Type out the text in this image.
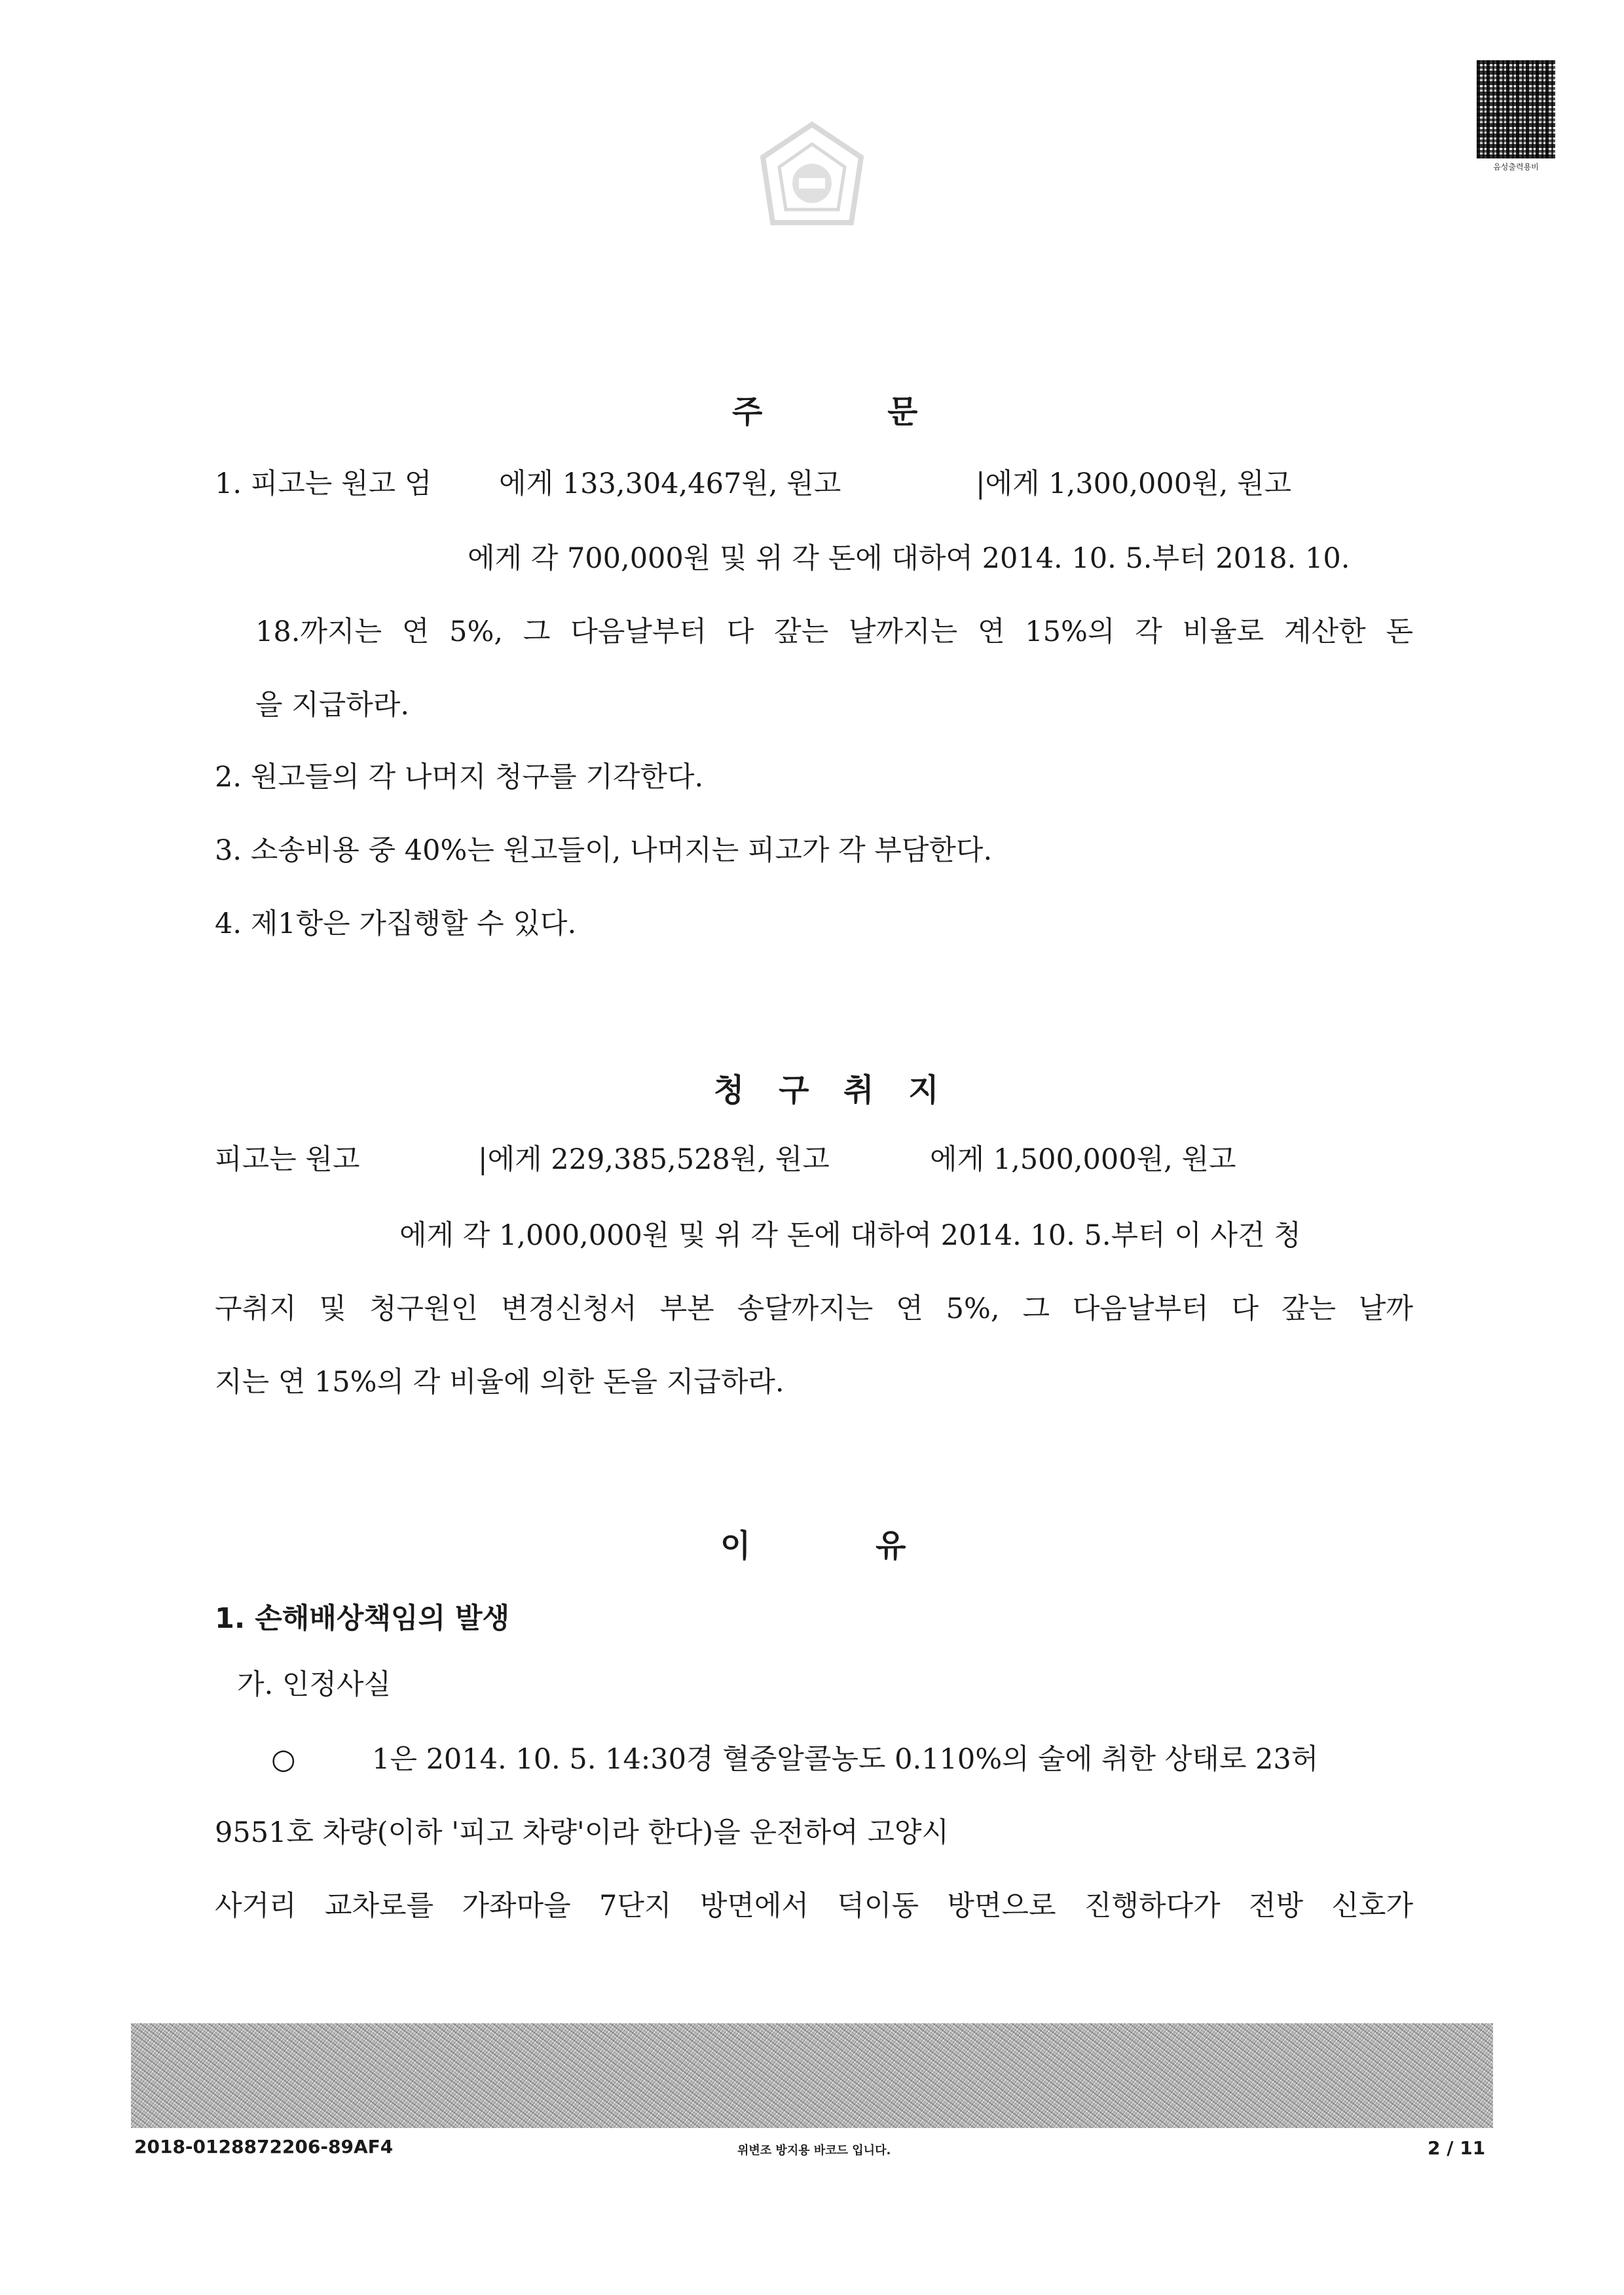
음성출력용비
주 문
1. 피고는 원고 엄 에게 133,304,467원, 원고	|에게 1,300,000원, 원고
에게 각 700,000원 및 위 각 돈에 대하여 2014. 10. 5.부터 2018. 10.
18.까지는 연 5%, 그 다음날부터 다 갚는 날까지는 연 15%의 각 비율로 계산한 돈
을 지급하라.
2. 원고들의 각 나머지 청구를 기각한다.
3. 소송비용 중 40%는 원고들이, 나머지는 피고가 각 부담한다.
4. 제1항은 가집행할 수 있다.
청 구 취 지
피고는 원고	|에게 229,385,528원, 원고	에게 1,500,000원, 원고
에게 각 1,000,000원 및 위 각 돈에 대하여 2014. 10. 5.부터 이 사건 청
구취지 및 청구원인 변경신청서 부본 송달까지는 연 5%, 그 다음날부터 다 갚는 날까
지는 연 15%의 각 비율에 의한 돈을 지급하라.
이 유
1. 손해배상책임의 발생
가. 인정사실
○	1은 2014. 10. 5. 14:30경 혈중알콜농도 0.110%의 술에 취한 상태로 23허
9551호 차량(이하 '피고 차량'이라 한다)을 운전하여 고양시
사거리 교차로를 가좌마을 7단지 방면에서 덕이동 방면으로 진행하다가 전방 신호가
2018-0128872206-89AF4	위변조 방지용 바코드 입니다.	2 / 11
